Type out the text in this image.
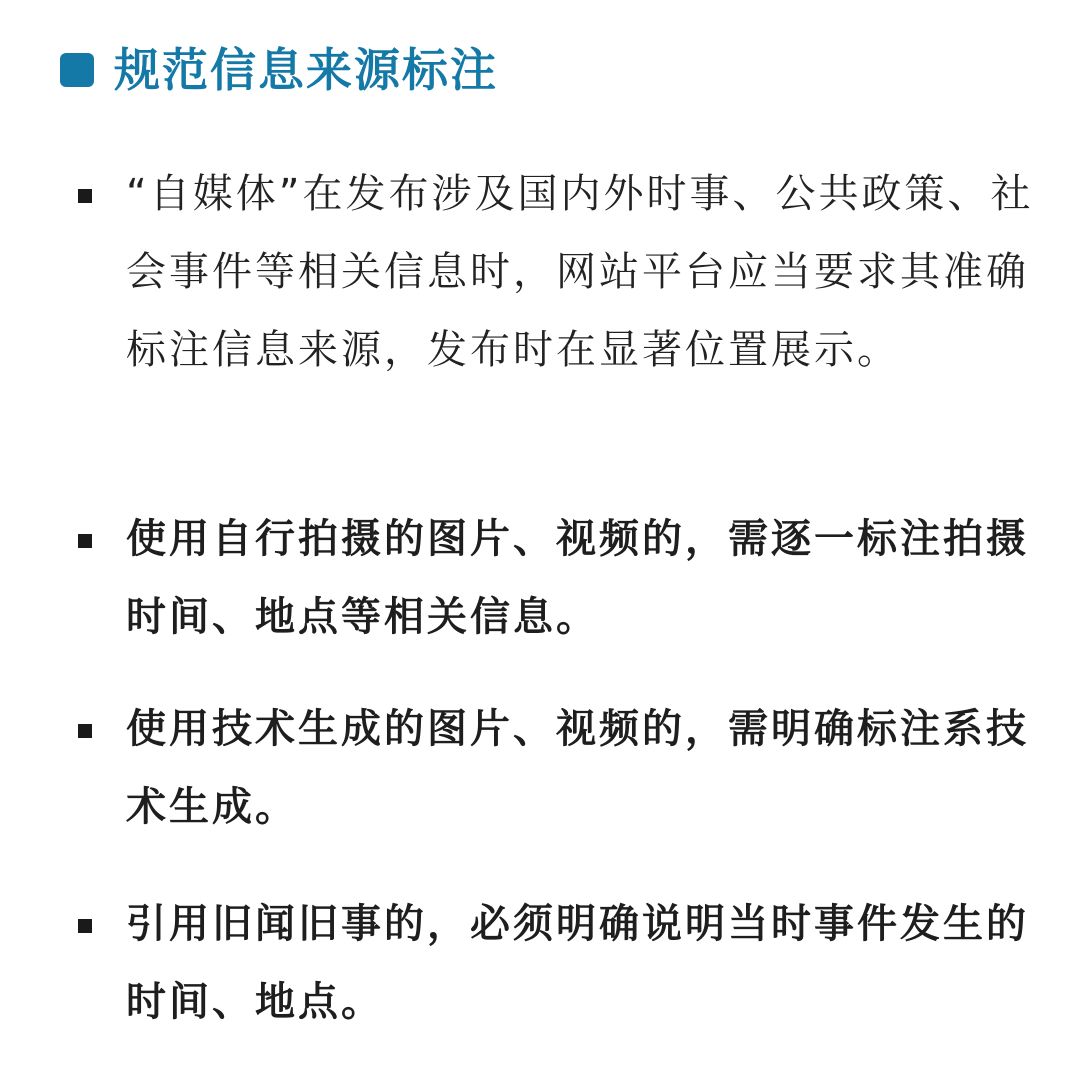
规范信息来源标注
“自媒体”在发布涉及国内外时事、公共政策、社会事件等相关信息时，网站平台应当要求其准确标注信息来源，发布时在显著位置展示。
使用自行拍摄的图片、视频的，需逐一标注拍摄时间、地点等相关信息。
使用技术生成的图片、视频的，需明确标注系技术生成。
引用旧闻旧事的，必须明确说明当时事件发生的时间、地点。
